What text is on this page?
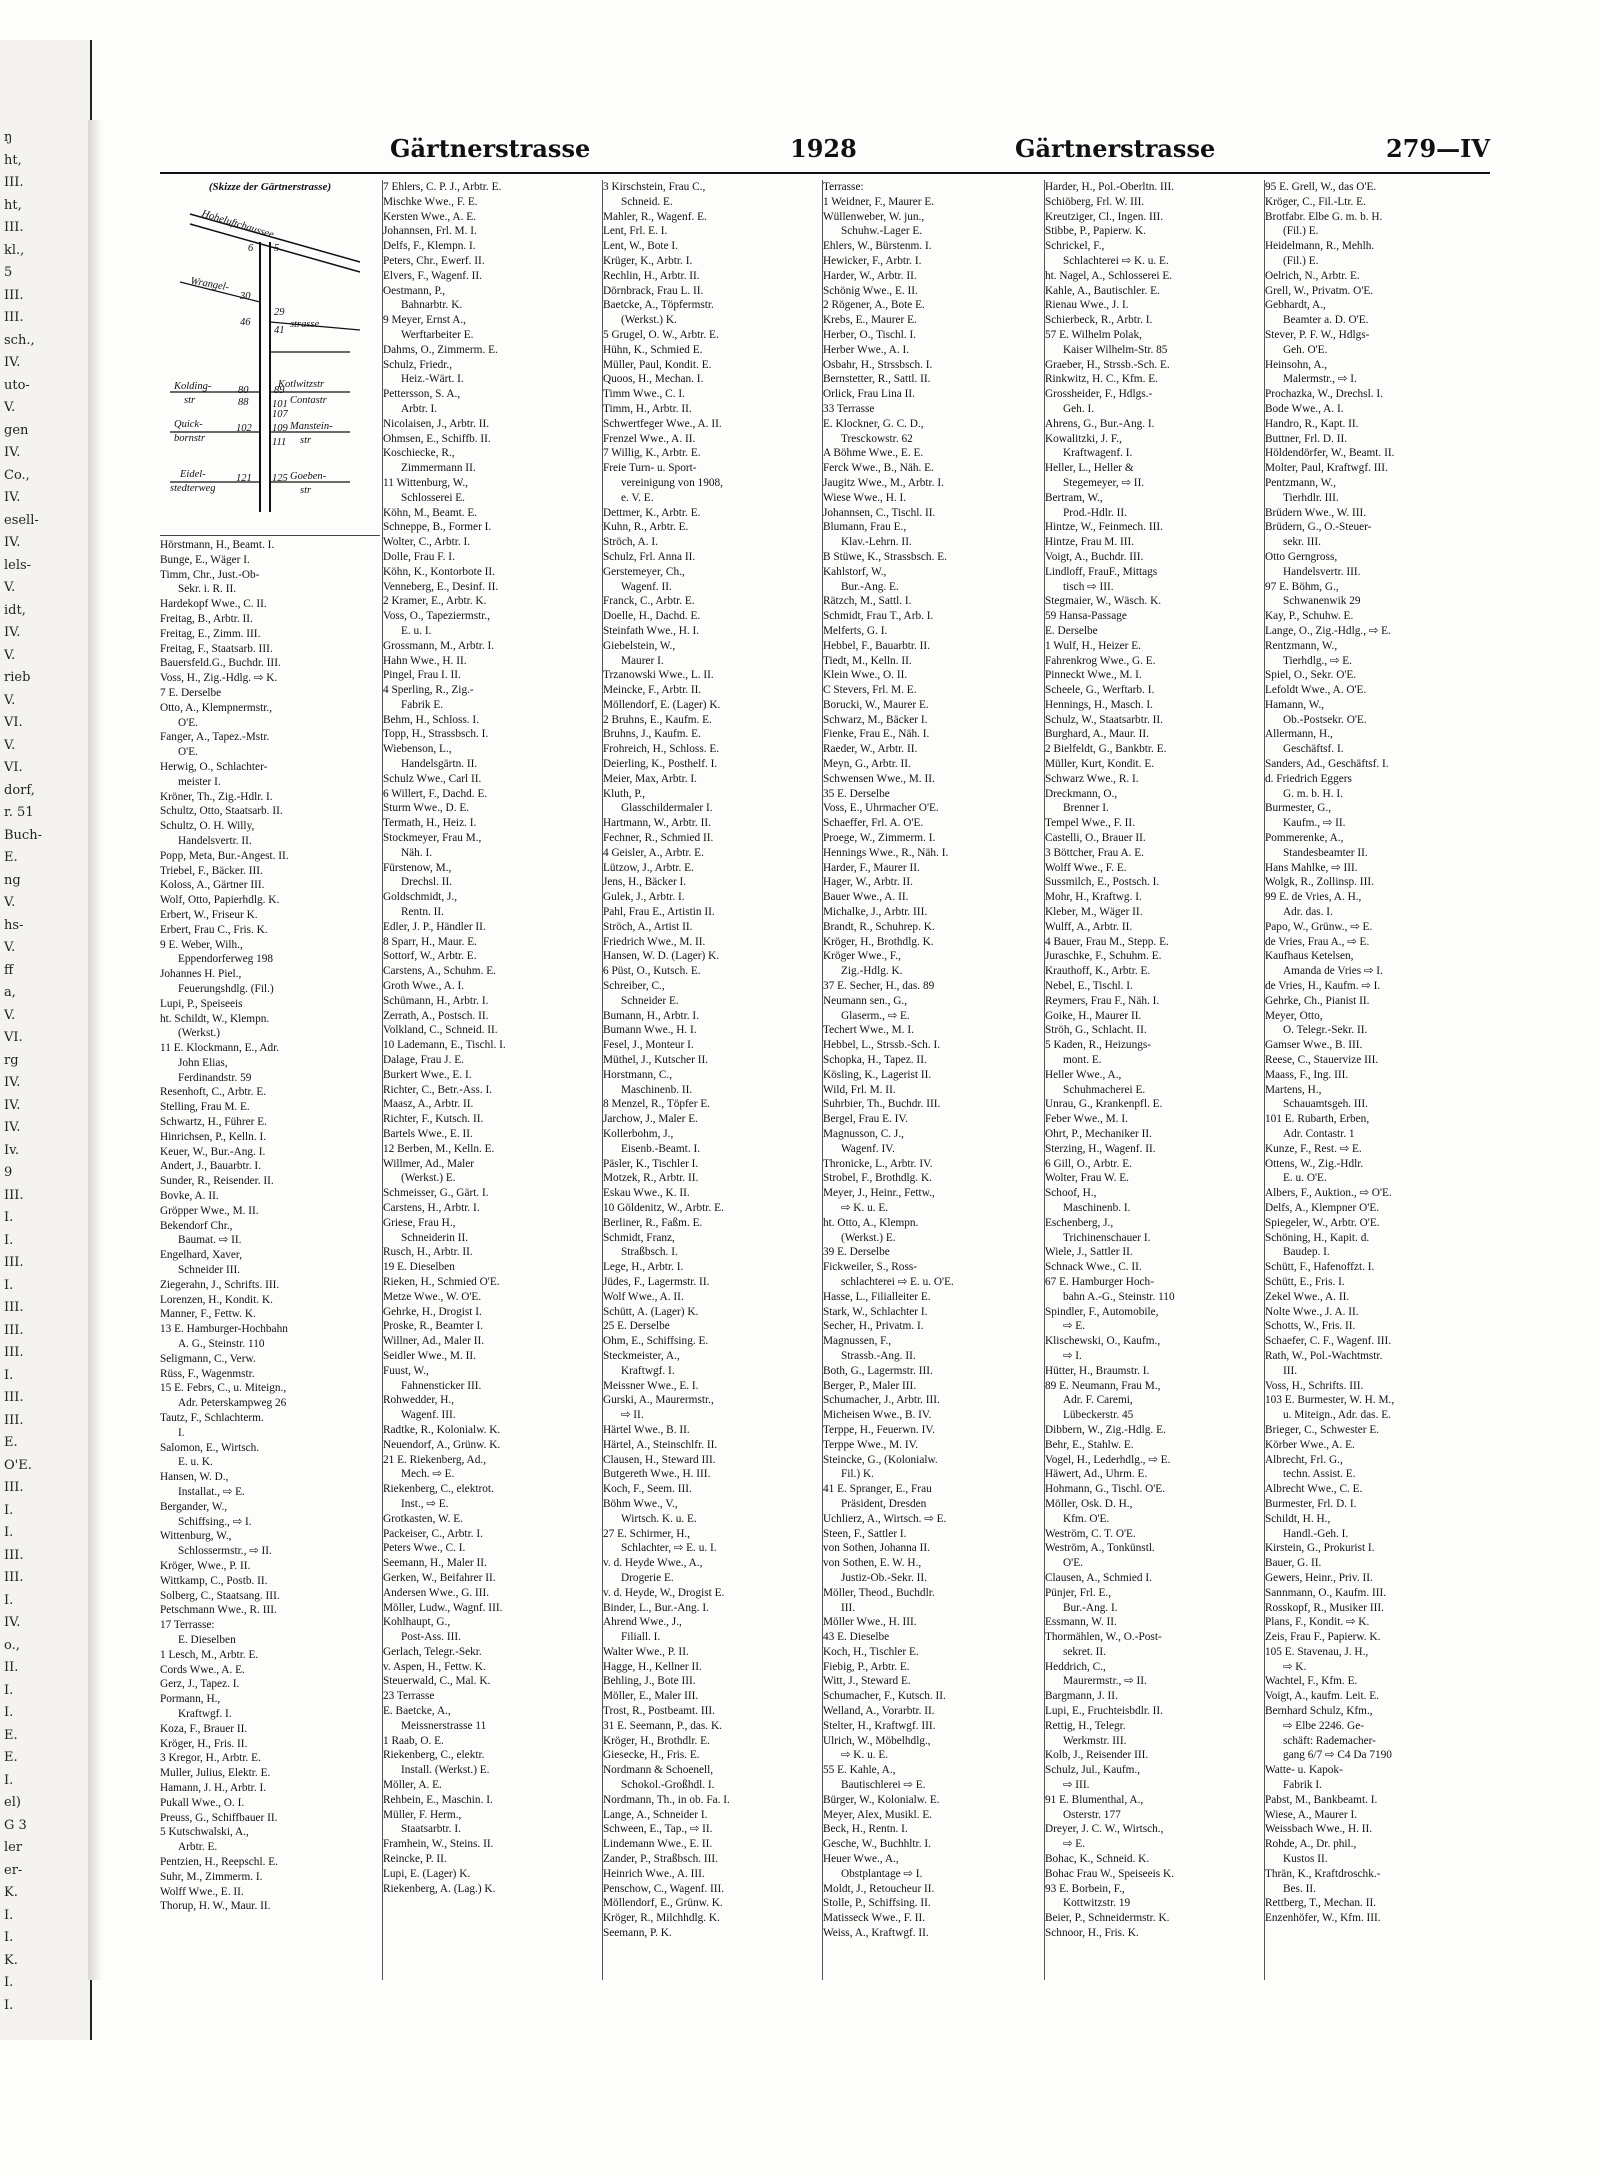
ŋ
ht,
III.
ht,
III.
kl.,
5
III.
III.
sch.,
IV.
uto-
V.
gen
IV.
Co.,
IV.
esell-
IV.
lels-
V.
idt,
IV.
V.
rieb
V.
VI.
V.
VI.
dorf,
r. 51
Buch-
E.
ng
V.
hs-
V.
ff
a,
V.
VI.
rg
IV.
IV.
IV.
Iv.
9
III.
I.
I.
III.
I.
III.
III.
III.
I.
III.
III.
E.
O'E.
III.
I.
I.
III.
III.
I.
IV.
o.,
II.
I.
I.
E.
E.
I.
el)
G 3
ler
er-
K.
I.
I.
K.
I.
I.
Gärtnerstrasse	1928	Gärtnerstrasse	279—IV
(Skizze der Gärtnerstrasse)
Hoheluftchaussee
Wrangel-
strasse
Kotlwitzstr
Kolding-
str	Contastr
Quick-
bornstr
Manstein-
str
Eidel-
stedterweg
Goeben-
str
6 5
30
29
46
41
80
88
89
102 109
111
121 125
107
101
Hörstmann, H., Beamt. I.
Bunge, E., Wäger I.
Timm, Chr., Just.-Ob-
Sekr. i. R. II.
Hardekopf Wwe., C. II.
Freitag, B., Arbtr. II.
Freitag, E., Zimm. III.
Freitag, F., Staatsarb. III.
Bauersfeld.G., Buchdr. III.
Voss, H., Zig.-Hdlg. ⇨ K.
7 E. Derselbe
Otto, A., Klempnermstr.,
O'E.
Fanger, A., Tapez.-Mstr.
O'E.
Herwig, O., Schlachter-
meister I.
Kröner, Th., Zig.-Hdlr. I.
Schultz, Otto, Staatsarb. II.
Schultz, O. H. Willy,
Handelsvertr. II.
Popp, Meta, Bur.-Angest. II.
Triebel, F., Bäcker. III.
Koloss, A., Gärtner III.
Wolf, Otto, Papierhdlg. K.
Erbert, W., Friseur K.
Erbert, Frau C., Fris. K.
9 E. Weber, Wilh.,
Eppendorferweg 198
Johannes H. Piel.,
Feuerungshdlg. (Fil.)
Lupi, P., Speiseeis
ht. Schildt, W., Klempn.
(Werkst.)
11 E. Klockmann, E., Adr.
John Elias,
Ferdinandstr. 59
Resenhoft, C., Arbtr. E.
Stelling, Frau M. E.
Schwartz, H., Führer E.
Hinrichsen, P., Kelln. I.
Keuer, W., Bur.-Ang. I.
Andert, J., Bauarbtr. I.
Sunder, R., Reisender. II.
Bovke, A. II.
Gröpper Wwe., M. II.
Bekendorf Chr.,
Baumat. ⇨ II.
Engelhard, Xaver,
Schneider III.
Ziegerahn, J., Schrifts. III.
Lorenzen, H., Kondit. K.
Manner, F., Fettw. K.
13 E. Hamburger-Hochbahn
A. G., Steinstr. 110
Seligmann, C., Verw.
Rüss, F., Wagenmstr.
15 E. Febrs, C., u. Miteign.,
Adr. Peterskampweg 26
Tautz, F., Schlachterm.
I.
Salomon, E., Wirtsch.
E. u. K.
Hansen, W. D.,
Installat., ⇨ E.
Bergander, W.,
Schiffsing., ⇨ I.
Wittenburg, W.,
Schlossermstr., ⇨ II.
Kröger, Wwe., P. II.
Wittkamp, C., Postb. II.
Solberg, C., Staatsang. III.
Petschmann Wwe., R. III.
17 Terrasse:
E. Dieselben
1 Lesch, M., Arbtr. E.
Cords Wwe., A. E.
Gerz, J., Tapez. I.
Pormann, H.,
Kraftwgf. I.
Koza, F., Brauer II.
Kröger, H., Fris. II.
3 Kregor, H., Arbtr. E.
Muller, Julius, Elektr. E.
Hamann, J. H., Arbtr. I.
Pukall Wwe., O. I.
Preuss, G., Schiffbauer II.
5 Kutschwalski, A.,
Arbtr. E.
Pentzien, H., Reepschl. E.
Suhr, M., Zimmerm. I.
Wolff Wwe., E. II.
Thorup, H. W., Maur. II.
7 Ehlers, C. P. J., Arbtr. E.
Mischke Wwe., F. E.
Kersten Wwe., A. E.
Johannsen, Frl. M. I.
Delfs, F., Klempn. I.
Peters, Chr., Ewerf. II.
Elvers, F., Wagenf. II.
Oestmann, P.,
Bahnarbtr. K.
9 Meyer, Ernst A.,
Werftarbeiter E.
Dahms, O., Zimmerm. E.
Schulz, Friedr.,
Heiz.-Wärt. I.
Pettersson, S. A.,
Arbtr. I.
Nicolaisen, J., Arbtr. II.
Ohmsen, E., Schiffb. II.
Koschiecke, R.,
Zimmermann II.
11 Wittenburg, W.,
Schlosserei E.
Köhn, M., Beamt. E.
Schneppe, B., Former I.
Wolter, C., Arbtr. I.
Dolle, Frau F. I.
Köhn, K., Kontorbote II.
Venneberg, E., Desinf. II.
2 Kramer, E., Arbtr. K.
Voss, O., Tapeziermstr.,
E. u. I.
Grossmann, M., Arbtr. I.
Hahn Wwe., H. II.
Pingel, Frau I. II.
4 Sperling, R., Zig.-
Fabrik E.
Behm, H., Schloss. I.
Topp, H., Strassbsch. I.
Wiebenson, L.,
Handelsgärtn. II.
Schulz Wwe., Carl II.
6 Willert, F., Dachd. E.
Sturm Wwe., D. E.
Termath, H., Heiz. I.
Stockmeyer, Frau M.,
Näh. I.
Fürstenow, M.,
Drechsl. II.
Goldschmidt, J.,
Rentn. II.
Edler, J. P., Händler II.
8 Sparr, H., Maur. E.
Sottorf, W., Arbtr. E.
Carstens, A., Schuhm. E.
Groth Wwe., A. I.
Schümann, H., Arbtr. I.
Zerrath, A., Postsch. II.
Volkland, C., Schneid. II.
10 Lademann, E., Tischl. I.
Dalage, Frau J. E.
Burkert Wwe., E. I.
Richter, C., Betr.-Ass. I.
Maasz, A., Arbtr. II.
Richter, F., Kutsch. II.
Bartels Wwe., E. II.
12 Berben, M., Kelln. E.
Willmer, Ad., Maler
(Werkst.) E.
Schmeisser, G., Gärt. I.
Carstens, H., Arbtr. I.
Griese, Frau H.,
Schneiderin II.
Rusch, H., Arbtr. II.
19 E. Dieselben
Rieken, H., Schmied O'E.
Metze Wwe., W. O'E.
Gehrke, H., Drogist I.
Proske, R., Beamter I.
Willner, Ad., Maler II.
Seidler Wwe., M. II.
Fuust, W.,
Fahnensticker III.
Rohwedder, H.,
Wagenf. III.
Radtke, R., Kolonialw. K.
Neuendorf, A., Grünw. K.
21 E. Riekenberg, Ad.,
Mech. ⇨ E.
Riekenberg, C., elektrot.
Inst., ⇨ E.
Grotkasten, W. E.
Packeiser, C., Arbtr. I.
Peters Wwe., C. I.
Seemann, H., Maler II.
Gerken, W., Beifahrer II.
Andersen Wwe., G. III.
Möller, Ludw., Wagnf. III.
Kohlhaupt, G.,
Post-Ass. III.
Gerlach, Telegr.-Sekr.
v. Aspen, H., Fettw. K.
Steuerwald, C., Mal. K.
23 Terrasse
E. Baetcke, A.,
Meissnerstrasse 11
1 Raab, O. E.
Riekenberg, C., elektr.
Install. (Werkst.) E.
Möller, A. E.
Rehbein, E., Maschin. I.
Müller, F. Herm.,
Staatsarbtr. I.
Framhein, W., Steins. II.
Reincke, P. II.
Lupi, E. (Lager) K.
Riekenberg, A. (Lag.) K.
3 Kirschstein, Frau C.,
Schneid. E.
Mahler, R., Wagenf. E.
Lent, Frl. E. I.
Lent, W., Bote I.
Krüger, K., Arbtr. I.
Rechlin, H., Arbtr. II.
Dörnbrack, Frau L. II.
Baetcke, A., Töpfermstr.
(Werkst.) K.
5 Grugel, O. W., Arbtr. E.
Hühn, K., Schmied E.
Müller, Paul, Kondit. E.
Quoos, H., Mechan. I.
Timm Wwe., C. I.
Timm, H., Arbtr. II.
Schwertfeger Wwe., A. II.
Frenzel Wwe., A. II.
7 Willig, K., Arbtr. E.
Freie Turn- u. Sport-
vereinigung von 1908,
e. V. E.
Dettmer, K., Arbtr. E.
Kuhn, R., Arbtr. E.
Ströch, A. I.
Schulz, Frl. Anna II.
Gerstemeyer, Ch.,
Wagenf. II.
Franck, C., Arbtr. E.
Doelle, H., Dachd. E.
Steinfath Wwe., H. I.
Giebelstein, W.,
Maurer I.
Trzanowski Wwe., L. II.
Meincke, F., Arbtr. II.
Möllendorf, E. (Lager) K.
2 Bruhns, E., Kaufm. E.
Bruhns, J., Kaufm. E.
Frohreich, H., Schloss. E.
Deierling, K., Posthelf. I.
Meier, Max, Arbtr. I.
Kluth, P.,
Glasschildermaler I.
Hartmann, W., Arbtr. II.
Fechner, R., Schmied II.
4 Geisler, A., Arbtr. E.
Lützow, J., Arbtr. E.
Jens, H., Bäcker I.
Gulek, J., Arbtr. I.
Pahl, Frau E., Artistin II.
Ströch, A., Artist II.
Friedrich Wwe., M. II.
Hansen, W. D. (Lager) K.
6 Püst, O., Kutsch. E.
Schreiber, C.,
Schneider E.
Bumann, H., Arbtr. I.
Bumann Wwe., H. I.
Fesel, J., Monteur I.
Müthel, J., Kutscher II.
Horstmann, C.,
Maschinenb. II.
8 Menzel, R., Töpfer E.
Jarchow, J., Maler E.
Kollerbohm, J.,
Eisenb.-Beamt. I.
Päsler, K., Tischler I.
Motzek, R., Arbtr. II.
Eskau Wwe., K. II.
10 Göldenitz, W., Arbtr. E.
Berliner, R., Faßm. E.
Schmidt, Franz,
Straßbsch. I.
Lege, H., Arbtr. I.
Jüdes, F., Lagermstr. II.
Wolf Wwe., A. II.
Schütt, A. (Lager) K.
25 E. Derselbe
Ohm, E., Schiffsing. E.
Steckmeister, A.,
Kraftwgf. I.
Meissner Wwe., E. I.
Gurski, A., Maurermstr.,
⇨ II.
Härtel Wwe., B. II.
Härtel, A., Steinschlfr. II.
Clausen, H., Steward III.
Butgereth Wwe., H. III.
Koch, F., Seem. III.
Böhm Wwe., V.,
Wirtsch. K. u. E.
27 E. Schirmer, H.,
Schlachter, ⇨ E. u. I.
v. d. Heyde Wwe., A.,
Drogerie E.
v. d. Heyde, W., Drogist E.
Binder, L., Bur.-Ang. I.
Ahrend Wwe., J.,
Filiall. I.
Walter Wwe., P. II.
Hagge, H., Kellner II.
Behling, J., Bote III.
Möller, E., Maler III.
Trost, R., Postbeamt. III.
31 E. Seemann, P., das. K.
Kröger, H., Brothdlr. E.
Giesecke, H., Fris. E.
Nordmann & Schoenell,
Schokol.-Großhdl. I.
Nordmann, Th., in ob. Fa. I.
Lange, A., Schneider I.
Schween, E., Tap., ⇨ II.
Lindemann Wwe., E. II.
Zander, P., Straßbsch. III.
Heinrich Wwe., A. III.
Penschow, C., Wagenf. III.
Möllendorf, E., Grünw. K.
Kröger, R., Milchhdlg. K.
Seemann, P. K.
Terrasse:
1 Weidner, F., Maurer E.
Wüllenweber, W. jun.,
Schuhw.-Lager E.
Ehlers, W., Bürstenm. I.
Hewicker, F., Arbtr. I.
Harder, W., Arbtr. II.
Schönig Wwe., E. II.
2 Rögener, A., Bote E.
Krebs, E., Maurer E.
Herber, O., Tischl. I.
Herber Wwe., A. I.
Osbahr, H., Strssbsch. I.
Bernstetter, R., Sattl. II.
Orlick, Frau Lina II.
33 Terrasse
E. Klockner, G. C. D.,
Tresckowstr. 62
A Böhme Wwe., E. E.
Ferck Wwe., B., Näh. E.
Jaugitz Wwe., M., Arbtr. I.
Wiese Wwe., H. I.
Johannsen, C., Tischl. II.
Blumann, Frau E.,
Klav.-Lehrn. II.
B Stüwe, K., Strassbsch. E.
Kahlstorf, W.,
Bur.-Ang. E.
Rätzch, M., Sattl. I.
Schmidt, Frau T., Arb. I.
Melferts, G. I.
Hebbel, F., Bauarbtr. II.
Tiedt, M., Kelln. II.
Klein Wwe., O. II.
C Stevers, Frl. M. E.
Borucki, W., Maurer E.
Schwarz, M., Bäcker I.
Fienke, Frau E., Näh. I.
Raeder, W., Arbtr. II.
Meyn, G., Arbtr. II.
Schwensen Wwe., M. II.
35 E. Derselbe
Voss, E., Uhrmacher O'E.
Schaeffer, Frl. A. O'E.
Proege, W., Zimmerm. I.
Hennings Wwe., R., Näh. I.
Harder, F., Maurer II.
Hager, W., Arbtr. II.
Bauer Wwe., A. II.
Michalke, J., Arbtr. III.
Brandt, R., Schuhrep. K.
Kröger, H., Brothdlg. K.
Kröger Wwe., F.,
Zig.-Hdlg. K.
37 E. Secher, H., das. 89
Neumann sen., G.,
Glaserm., ⇨ E.
Techert Wwe., M. I.
Hebbel, L., Strssb.-Sch. I.
Schopka, H., Tapez. II.
Kösling, K., Lagerist II.
Wild, Frl. M. II.
Suhrbier, Th., Buchdr. III.
Bergel, Frau E. IV.
Magnusson, C. J.,
Wagenf. IV.
Thronicke, L., Arbtr. IV.
Strobel, F., Brothdlg. K.
Meyer, J., Heinr., Fettw.,
⇨ K. u. E.
ht. Otto, A., Klempn.
(Werkst.) E.
39 E. Derselbe
Fickweiler, S., Ross-
schlachterei ⇨ E. u. O'E.
Hasse, L., Filialleiter E.
Stark, W., Schlachter I.
Secher, H., Privatm. I.
Magnussen, F.,
Strassb.-Ang. II.
Both, G., Lagermstr. III.
Berger, P., Maler III.
Schumacher, J., Arbtr. III.
Micheisen Wwe., B. IV.
Terppe, H., Feuerwn. IV.
Terppe Wwe., M. IV.
Steincke, G., (Kolonialw.
Fil.) K.
41 E. Spranger, E., Frau
Präsident, Dresden
Uchlierz, A., Wirtsch. ⇨ E.
Steen, F., Sattler I.
von Sothen, Johanna II.
von Sothen, E. W. H.,
Justiz-Ob.-Sekr. II.
Möller, Theod., Buchdlr.
III.
Möller Wwe., H. III.
43 E. Dieselbe
Koch, H., Tischler E.
Fiebig, P., Arbtr. E.
Witt, J., Steward E.
Schumacher, F., Kutsch. II.
Welland, A., Vorarbtr. II.
Stelter, H., Kraftwgf. III.
Ulrich, W., Möbelhdlg.,
⇨ K. u. E.
55 E. Kahle, A.,
Bautischlerei ⇨ E.
Bürger, W., Kolonialw. E.
Meyer, Alex, Musikl. E.
Beck, H., Rentn. I.
Gesche, W., Buchhltr. I.
Heuer Wwe., A.,
Obstplantage ⇨ I.
Moldt, J., Retoucheur II.
Stolle, P., Schiffsing. II.
Matisseck Wwe., F. II.
Weiss, A., Kraftwgf. II.
Harder, H., Pol.-Oberltn. III.
Schiöberg, Frl. W. III.
Kreutziger, Cl., Ingen. III.
Stibbe, P., Papierw. K.
Schrickel, F.,
Schlachterei ⇨ K. u. E.
ht. Nagel, A., Schlosserei E.
Kahle, A., Bautischler. E.
Rienau Wwe., J. I.
Schierbeck, R., Arbtr. I.
57 E. Wilhelm Polak,
Kaiser Wilhelm-Str. 85
Graeber, H., Strssb.-Sch. E.
Rinkwitz, H. C., Kfm. E.
Grossheider, F., Hdlgs.-
Geh. I.
Ahrens, G., Bur.-Ang. I.
Kowalitzki, J. F.,
Kraftwagenf. I.
Heller, L., Heller &
Stegemeyer, ⇨ II.
Bertram, W.,
Prod.-Hdlr. II.
Hintze, W., Feinmech. III.
Hintze, Frau M. III.
Voigt, A., Buchdr. III.
Lindloff, FrauF., Mittags
tisch ⇨ III.
Stegmaier, W., Wäsch. K.
59 Hansa-Passage
E. Derselbe
1 Wulf, H., Heizer E.
Fahrenkrog Wwe., G. E.
Pinneckt Wwe., M. I.
Scheele, G., Werftarb. I.
Hennings, H., Masch. I.
Schulz, W., Staatsarbtr. II.
Burghard, A., Maur. II.
2 Bielfeldt, G., Bankbtr. E.
Müller, Kurt, Kondit. E.
Schwarz Wwe., R. I.
Dreckmann, O.,
Brenner I.
Tempel Wwe., F. II.
Castelli, O., Brauer II.
3 Böttcher, Frau A. E.
Wolff Wwe., F. E.
Sussmilch, E., Postsch. I.
Mohr, H., Kraftwg. I.
Kleber, M., Wäger II.
Wulff, A., Arbtr. II.
4 Bauer, Frau M., Stepp. E.
Juraschke, F., Schuhm. E.
Krauthoff, K., Arbtr. E.
Nebel, E., Tischl. I.
Reymers, Frau F., Näh. I.
Goike, H., Maurer II.
Ströh, G., Schlacht. II.
5 Kaden, R., Heizungs-
mont. E.
Heller Wwe., A.,
Schuhmacherei E.
Unrau, G., Krankenpfl. E.
Feber Wwe., M. I.
Ohrt, P., Mechaniker II.
Sterzing, H., Wagenf. II.
6 Gill, O., Arbtr. E.
Wolter, Frau W. E.
Schoof, H.,
Maschinenb. I.
Eschenberg, J.,
Trichinenschauer I.
Wiele, J., Sattler II.
Schnack Wwe., C. II.
67 E. Hamburger Hoch-
bahn A.-G., Steinstr. 110
Spindler, F., Automobile,
⇨ E.
Klischewski, O., Kaufm.,
⇨ I.
Hütter, H., Braumstr. I.
89 E. Neumann, Frau M.,
Adr. F. Caremi,
Lübeckerstr. 45
Dibbern, W., Zig.-Hdlg. E.
Behr, E., Stahlw. E.
Vogel, H., Lederhdlg., ⇨ E.
Häwert, Ad., Uhrm. E.
Hohmann, G., Tischl. O'E.
Möller, Osk. D. H.,
Kfm. O'E.
Weström, C. T. O'E.
Weström, A., Tonkünstl.
O'E.
Clausen, A., Schmied I.
Pünjer, Frl. E.,
Bur.-Ang. I.
Essmann, W. II.
Thormählen, W., O.-Post-
sekret. II.
Heddrich, C.,
Maurermstr., ⇨ II.
Bargmann, J. II.
Lupi, E., Fruchteisbdlr. II.
Rettig, H., Telegr.
Werkmstr. III.
Kolb, J., Reisender III.
Schulz, Jul., Kaufm.,
⇨ III.
91 E. Blumenthal, A.,
Osterstr. 177
Dreyer, J. C. W., Wirtsch.,
⇨ E.
Bohac, K., Schneid. K.
Bohac Frau W., Speiseeis K.
93 E. Borbein, F.,
Kottwitzstr. 19
Beier, P., Schneidermstr. K.
Schnoor, H., Fris. K.
95 E. Grell, W., das O'E.
Kröger, C., Fil.-Ltr. E.
Brotfabr. Elbe G. m. b. H.
(Fil.) E.
Heidelmann, R., Mehlh.
(Fil.) E.
Oelrich, N., Arbtr. E.
Grell, W., Privatm. O'E.
Gebhardt, A.,
Beamter a. D. O'E.
Stever, P. F. W., Hdlgs-
Geh. O'E.
Heinsohn, A.,
Malermstr., ⇨ I.
Prochazka, W., Drechsl. I.
Bode Wwe., A. I.
Handro, R., Kapt. II.
Buttner, Frl. D. II.
Höldendörfer, W., Beamt. II.
Molter, Paul, Kraftwgf. III.
Pentzmann, W.,
Tierhdlr. III.
Brüdern Wwe., W. III.
Brüdern, G., O.-Steuer-
sekr. III.
Otto Gerngross,
Handelsvertr. III.
97 E. Böhm, G.,
Schwanenwik 29
Kay, P., Schuhw. E.
Lange, O., Zig.-Hdlg., ⇨ E.
Rentzmann, W.,
Tierhdlg., ⇨ E.
Spiel, O., Sekr. O'E.
Lefoldt Wwe., A. O'E.
Hamann, W.,
Ob.-Postsekr. O'E.
Allermann, H.,
Geschäftsf. I.
Sanders, Ad., Geschäftsf. I.
d. Friedrich Eggers
G. m. b. H. I.
Burmester, G.,
Kaufm., ⇨ II.
Pommerenke, A.,
Standesbeamter II.
Hans Mahlke, ⇨ III.
Wolgk, R., Zollinsp. III.
99 E. de Vries, A. H.,
Adr. das. I.
Papo, W., Grünw., ⇨ E.
de Vries, Frau A., ⇨ E.
Kaufhaus Ketelsen,
Amanda de Vries ⇨ I.
de Vries, H., Kaufm. ⇨ I.
Gehrke, Ch., Pianist II.
Meyer, Otto,
O. Telegr.-Sekr. II.
Gamser Wwe., B. III.
Reese, C., Stauervize III.
Maass, F., Ing. III.
Martens, H.,
Schauamtsgeh. III.
101 E. Rubarth, Erben,
Adr. Contastr. 1
Kunze, F., Rest. ⇨ E.
Ottens, W., Zig.-Hdlr.
E. u. O'E.
Albers, F., Auktion., ⇨ O'E.
Delfs, A., Klempner O'E.
Spiegeler, W., Arbtr. O'E.
Schöning, H., Kapit. d.
Baudep. I.
Schütt, F., Hafenoffzt. I.
Schütt, E., Fris. I.
Zekel Wwe., A. II.
Nolte Wwe., J. A. II.
Schotts, W., Fris. II.
Schaefer, C. F., Wagenf. III.
Rath, W., Pol.-Wachtmstr.
III.
Voss, H., Schrifts. III.
103 E. Burmester, W. H. M.,
u. Miteign., Adr. das. E.
Brieger, C., Schwester E.
Körber Wwe., A. E.
Albrecht, Frl. G.,
techn. Assist. E.
Albrecht Wwe., C. E.
Burmester, Frl. D. I.
Schildt, H. H.,
Handl.-Geh. I.
Kirstein, G., Prokurist I.
Bauer, G. II.
Gewers, Heinr., Priv. II.
Sannmann, O., Kaufm. III.
Rosskopf, R., Musiker III.
Plans, F., Kondit. ⇨ K.
Zeis, Frau F., Papierw. K.
105 E. Stavenau, J. H.,
⇨ K.
Wachtel, F., Kfm. E.
Voigt, A., kaufm. Leit. E.
Bernhard Schulz, Kfm.,
⇨ Elbe 2246. Ge-
schäft: Rademacher-
gang 6/7 ⇨ C4 Da 7190
Watte- u. Kapok-
Fabrik I.
Pabst, M., Bankbeamt. I.
Wiese, A., Maurer I.
Weissbach Wwe., H. II.
Rohde, A., Dr. phil.,
Kustos II.
Thrän, K., Kraftdroschk.-
Bes. II.
Rettberg, T., Mechan. II.
Enzenhöfer, W., Kfm. III.
